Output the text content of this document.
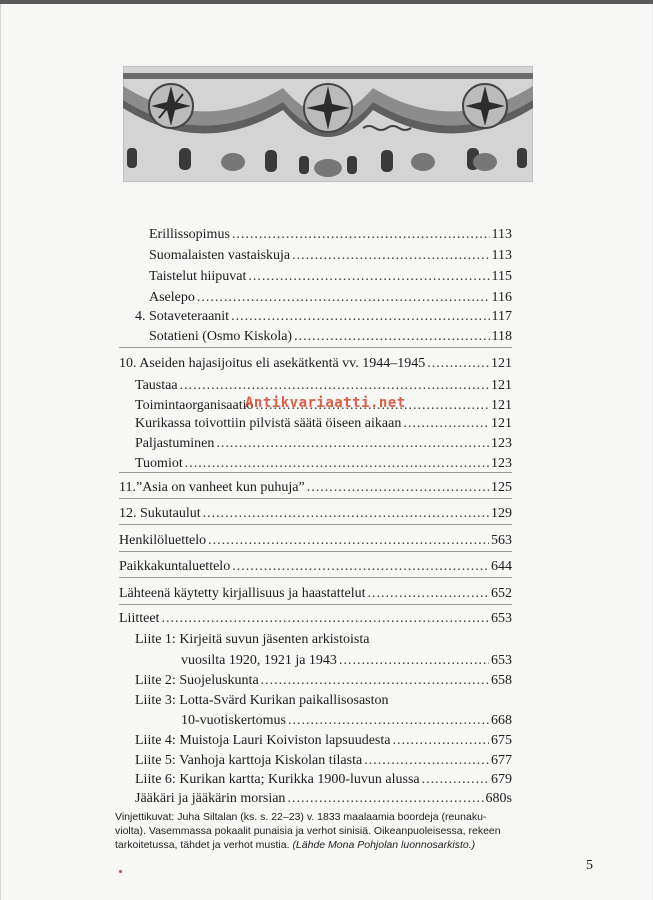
Erillissopimus .....	113
Suomalaisten vastaiskuja .....	113
Taistelut hiipuvat .....	115
Aselepo .....	116
4. Sotaveteraanit .....	117
Sotatieni (Osmo Kiskola) .....	118
10. Aseiden hajasijoitus eli asekätkentä vv. 1944–1945 .....	121
Taustaa .....	121
Toimintaorganisaatio .....	121
Kurikassa toivottiin pilvistä säätä öiseen aikaan .....	121
Paljastuminen .....	123
Tuomiot .....	123
11.”Asia on vanheet kun puhuja” .....	125
12. Sukutaulut .....	129
Henkilöluettelo .....	563
Paikkakuntaluettelo .....	644
Lähteenä käytetty kirjallisuus ja haastattelut .....	652
Liitteet .....	653
Liite 1: Kirjeitä suvun jäsenten arkistoista
vuosilta 1920, 1921 ja 1943 .....	653
Liite 2: Suojeluskunta .....	658
Liite 3: Lotta-Svärd Kurikan paikallisosaston
10-vuotiskertomus .....	668
Liite 4: Muistoja Lauri Koiviston lapsuudesta .....	675
Liite 5: Vanhoja karttoja Kiskolan tilasta .....	677
Liite 6: Kurikan kartta; Kurikka 1900-luvun alussa .....	679
Jääkäri ja jääkärin morsian .....	680s
Antikvariaatti.net

Vinjettikuvat: Juha Siltalan (ks. s. 22–23) v. 1833 maalaamia boordeja (reunaku-

violta). Vasemmassa pokaalit punaisia ja verhot sinisiä. Oikeanpuoleisessa, rekeen

tarkoitetussa, tähdet ja verhot mustia. (Lähde Mona Pohjolan luonnosarkisto.)

5
